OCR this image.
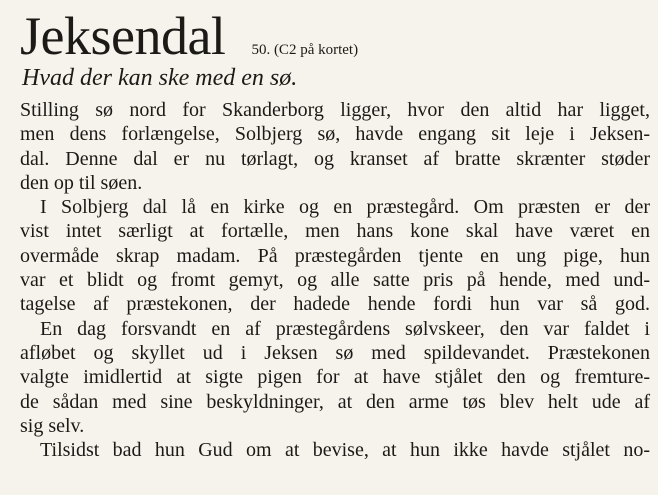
Jeksendal 50. (C2 på kortet)
Hvad der kan ske med en sø.
Stilling sø nord for Skanderborg ligger, hvor den altid har ligget,
men dens forlængelse, Solbjerg sø, havde engang sit leje i Jeksen-
dal. Denne dal er nu tørlagt, og kranset af bratte skrænter støder
den op til søen.
I Solbjerg dal lå en kirke og en præstegård. Om præsten er der
vist intet særligt at fortælle, men hans kone skal have været en
overmåde skrap madam. På præstegården tjente en ung pige, hun
var et blidt og fromt gemyt, og alle satte pris på hende, med und-
tagelse af præstekonen, der hadede hende fordi hun var så god.
En dag forsvandt en af præstegårdens sølvskeer, den var faldet i
afløbet og skyllet ud i Jeksen sø med spildevandet. Præstekonen
valgte imidlertid at sigte pigen for at have stjålet den og fremture-
de sådan med sine beskyldninger, at den arme tøs blev helt ude af
sig selv.
Tilsidst bad hun Gud om at bevise, at hun ikke havde stjålet no-
